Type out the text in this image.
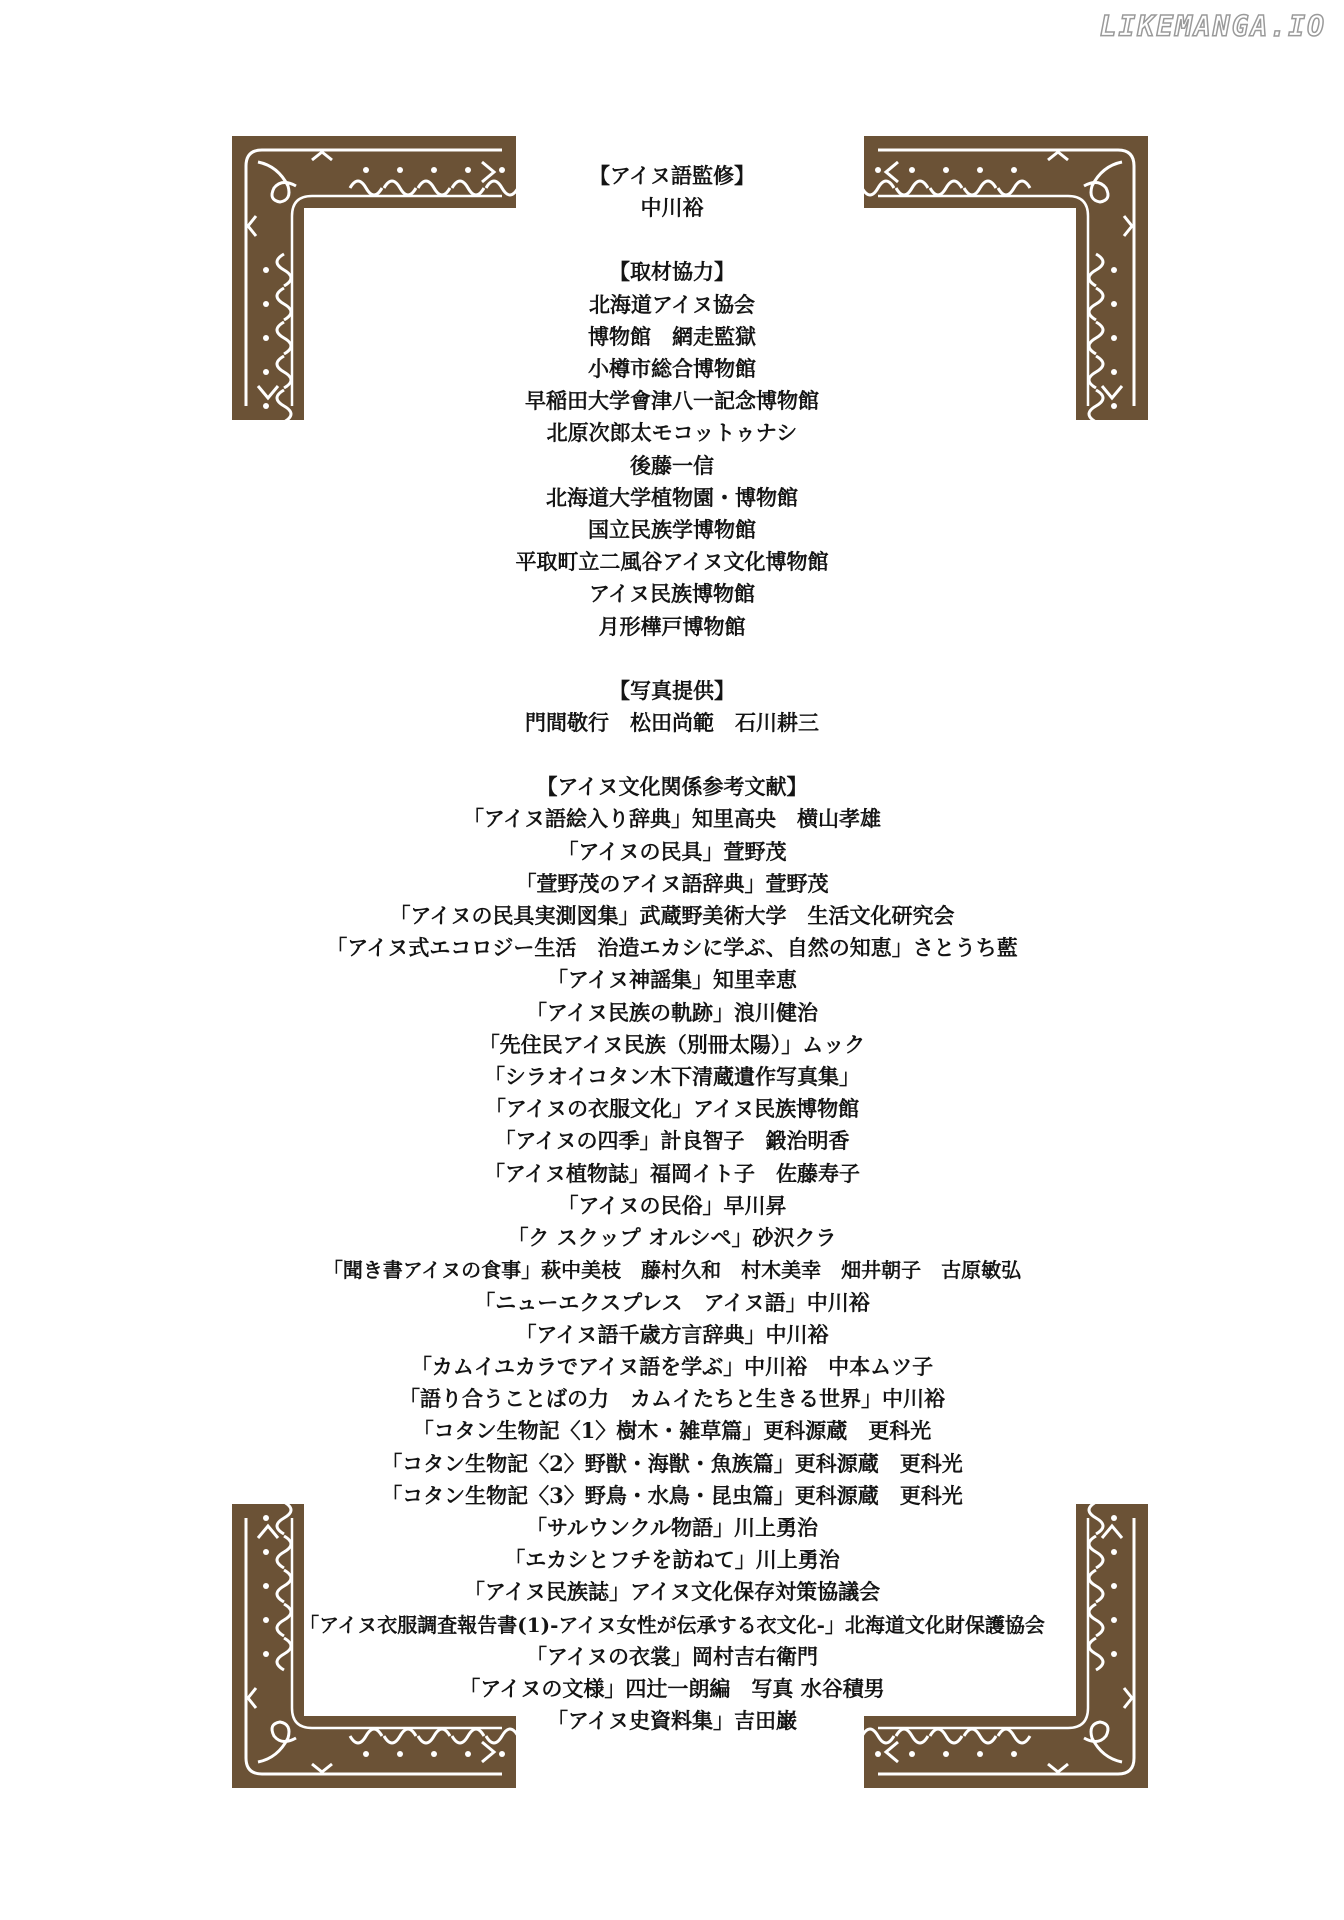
LIKEMANGA.IO
【アイヌ語監修】
中川裕
【取材協力】
北海道アイヌ協会
博物館　網走監獄
小樽市総合博物館
早稲田大学會津八一記念博物館
北原次郎太モコットゥナシ
後藤一信
北海道大学植物園・博物館
国立民族学博物館
平取町立二風谷アイヌ文化博物館
アイヌ民族博物館
月形樺戸博物館
【写真提供】
門間敬行　松田尚範　石川耕三
【アイヌ文化関係参考文献】
「アイヌ語絵入り辞典」知里高央　横山孝雄
「アイヌの民具」萱野茂
「萱野茂のアイヌ語辞典」萱野茂
「アイヌの民具実測図集」武蔵野美術大学　生活文化研究会
「アイヌ式エコロジー生活　治造エカシに学ぶ、自然の知恵」さとうち藍
「アイヌ神謡集」知里幸恵
「アイヌ民族の軌跡」浪川健治
「先住民アイヌ民族（別冊太陽）」ムック
「シラオイコタン木下清蔵遺作写真集」
「アイヌの衣服文化」アイヌ民族博物館
「アイヌの四季」計良智子　鍛治明香
「アイヌ植物誌」福岡イト子　佐藤寿子
「アイヌの民俗」早川昇
「ク スクップ オルシペ」砂沢クラ
「聞き書アイヌの食事」萩中美枝　藤村久和　村木美幸　畑井朝子　古原敏弘
「ニューエクスプレス　アイヌ語」中川裕
「アイヌ語千歳方言辞典」中川裕
「カムイユカラでアイヌ語を学ぶ」中川裕　中本ムツ子
「語り合うことばの力　カムイたちと生きる世界」中川裕
「コタン生物記〈1〉樹木・雑草篇」更科源蔵　更科光
「コタン生物記〈2〉野獣・海獣・魚族篇」更科源蔵　更科光
「コタン生物記〈3〉野鳥・水鳥・昆虫篇」更科源蔵　更科光
「サルウンクル物語」川上勇治
「エカシとフチを訪ねて」川上勇治
「アイヌ民族誌」アイヌ文化保存対策協議会
「アイヌ衣服調査報告書(1)-アイヌ女性が伝承する衣文化-」北海道文化財保護協会
「アイヌの衣裳」岡村吉右衛門
「アイヌの文様」四辻一朗編　写真 水谷積男
「アイヌ史資料集」吉田巌
